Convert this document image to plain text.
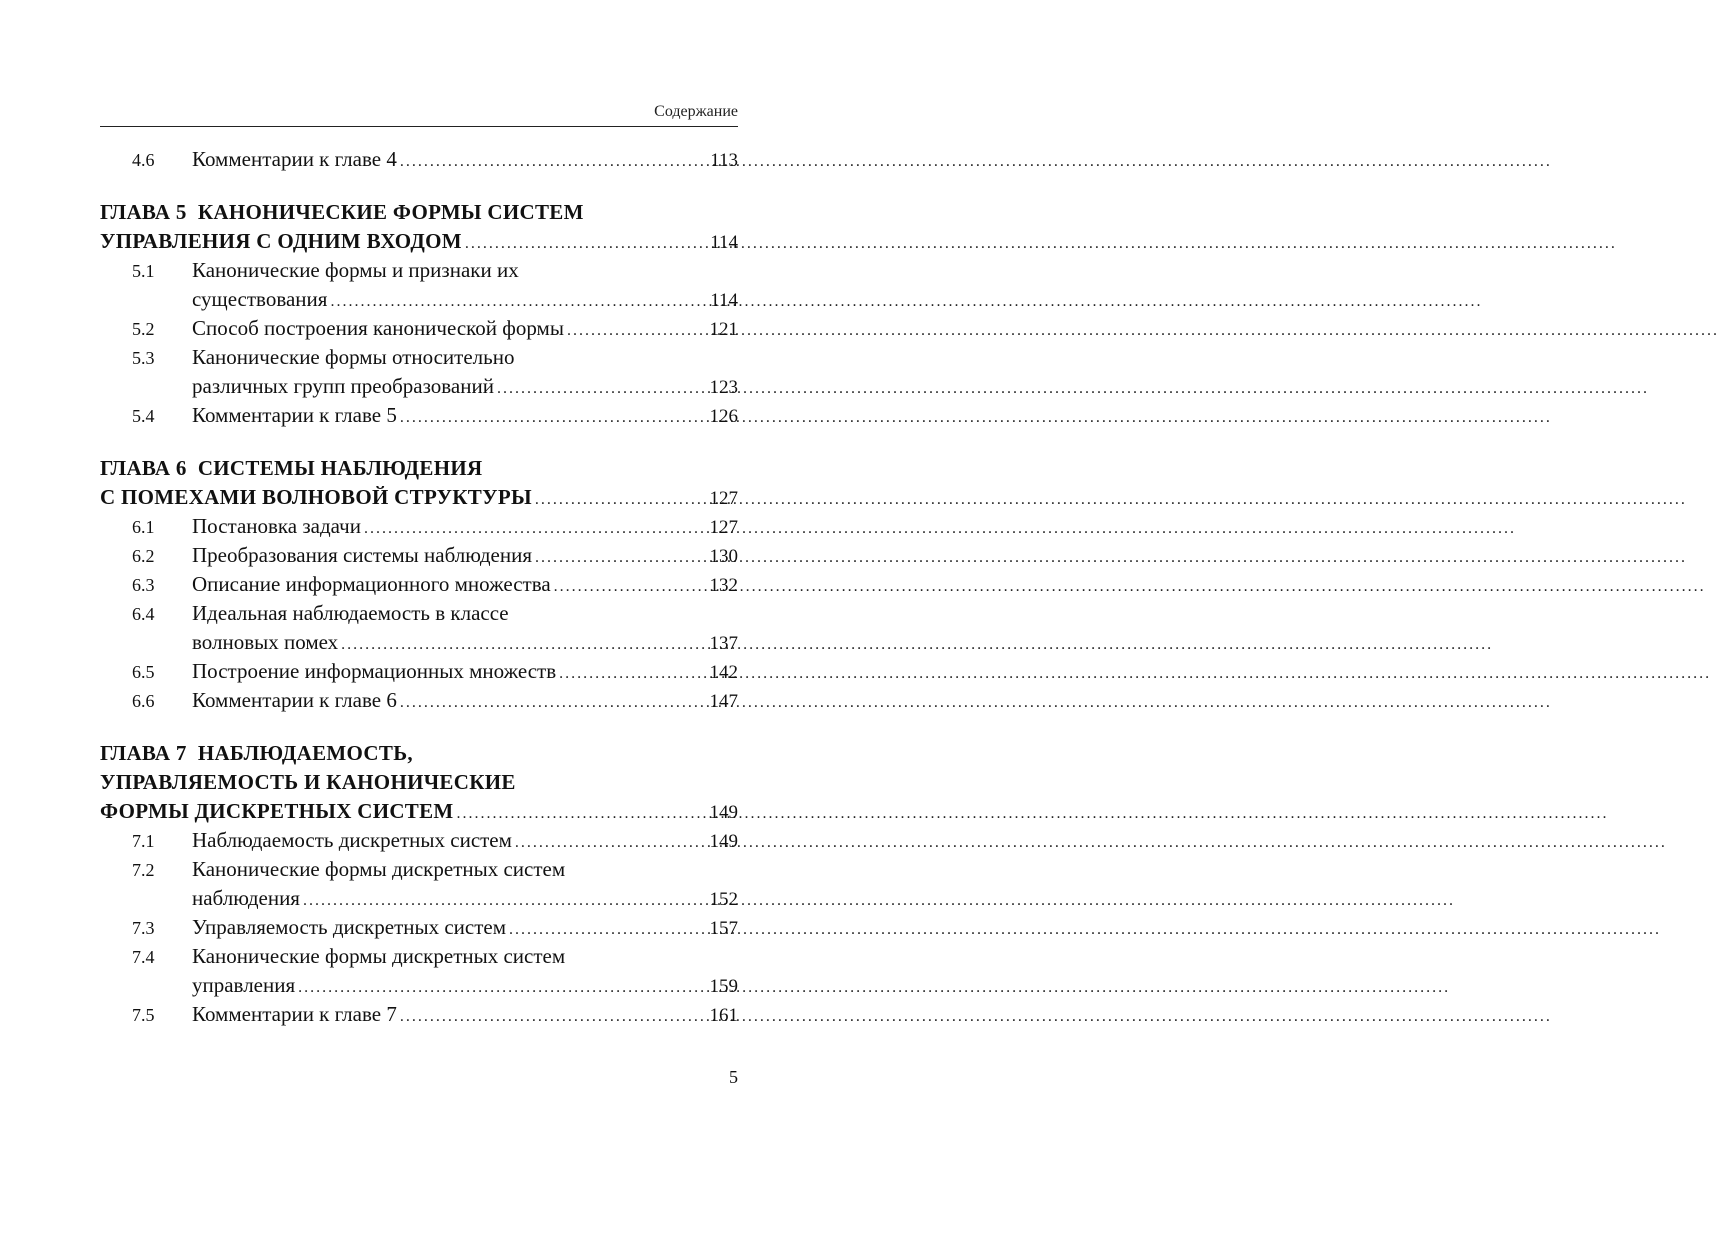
Содержание
4.6	Комментарии к главе 4 .....	113
ГЛАВА 5 КАНОНИЧЕСКИЕ ФОРМЫ СИСТЕМ
УПРАВЛЕНИЯ С ОДНИМ ВХОДОМ .....	114
5.1	Канонические формы и признаки их
существования .....	114
5.2	Способ построения канонической формы .....	121
5.3	Канонические формы относительно
различных групп преобразований .....	123
5.4	Комментарии к главе 5 .....	126
ГЛАВА 6 СИСТЕМЫ НАБЛЮДЕНИЯ
С ПОМЕХАМИ ВОЛНОВОЙ СТРУКТУРЫ .....	127
6.1	Постановка задачи .....	127
6.2	Преобразования системы наблюдения .....	130
6.3	Описание информационного множества .....	132
6.4	Идеальная наблюдаемость в классе
волновых помех .....	137
6.5	Построение информационных множеств .....	142
6.6	Комментарии к главе 6 .....	147
ГЛАВА 7 НАБЛЮДАЕМОСТЬ,
УПРАВЛЯЕМОСТЬ И КАНОНИЧЕСКИЕ
ФОРМЫ ДИСКРЕТНЫХ СИСТЕМ .....	149
7.1	Наблюдаемость дискретных систем .....	149
7.2	Канонические формы дискретных систем
наблюдения .....	152
7.3	Управляемость дискретных систем .....	157
7.4	Канонические формы дискретных систем
управления .....	159
7.5	Комментарии к главе 7 .....	161
5
